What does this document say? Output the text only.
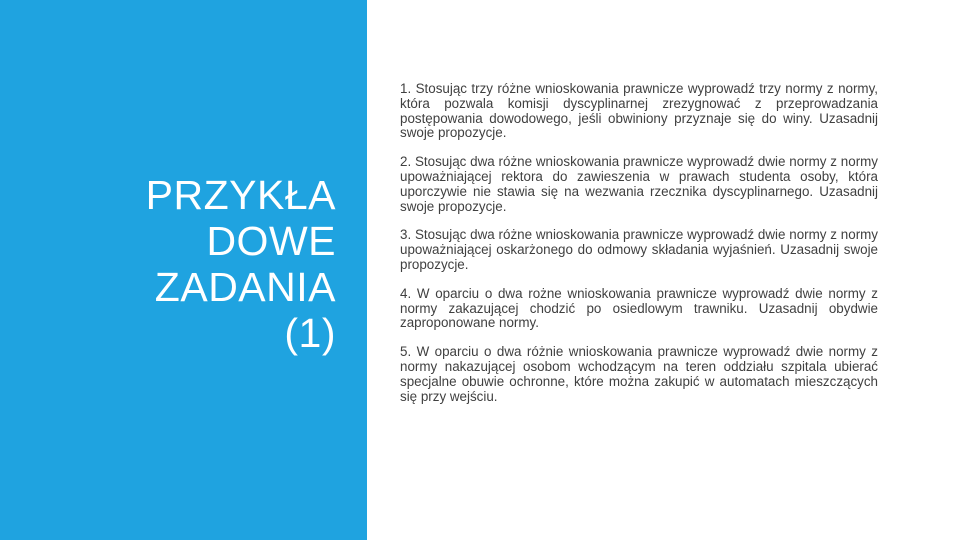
PRZYKŁA
DOWE
ZADANIA
(1)

1. Stosując trzy różne wnioskowania prawnicze wyprowadź trzy normy z normy, która pozwala komisji dyscyplinarnej zrezygnować z przeprowadzania postępowania dowodowego, jeśli obwiniony przyznaje się do winy. Uzasadnij swoje propozycje.

2. Stosując dwa różne wnioskowania prawnicze wyprowadź dwie normy z normy upoważniającej rektora do zawieszenia w prawach studenta osoby, która uporczywie nie stawia się na wezwania rzecznika dyscyplinarnego. Uzasadnij swoje propozycje.

3. Stosując dwa różne wnioskowania prawnicze wyprowadź dwie normy z normy upoważniającej oskarżonego do odmowy składania wyjaśnień. Uzasadnij swoje propozycje.

4. W oparciu o dwa rożne wnioskowania prawnicze wyprowadź dwie normy z normy zakazującej chodzić po osiedlowym trawniku. Uzasadnij obydwie zaproponowane normy.

5. W oparciu o dwa różnie wnioskowania prawnicze wyprowadź dwie normy z normy nakazującej osobom wchodzącym na teren oddziału szpitala ubierać specjalne obuwie ochronne, które można zakupić w automatach mieszczących się przy wejściu.
